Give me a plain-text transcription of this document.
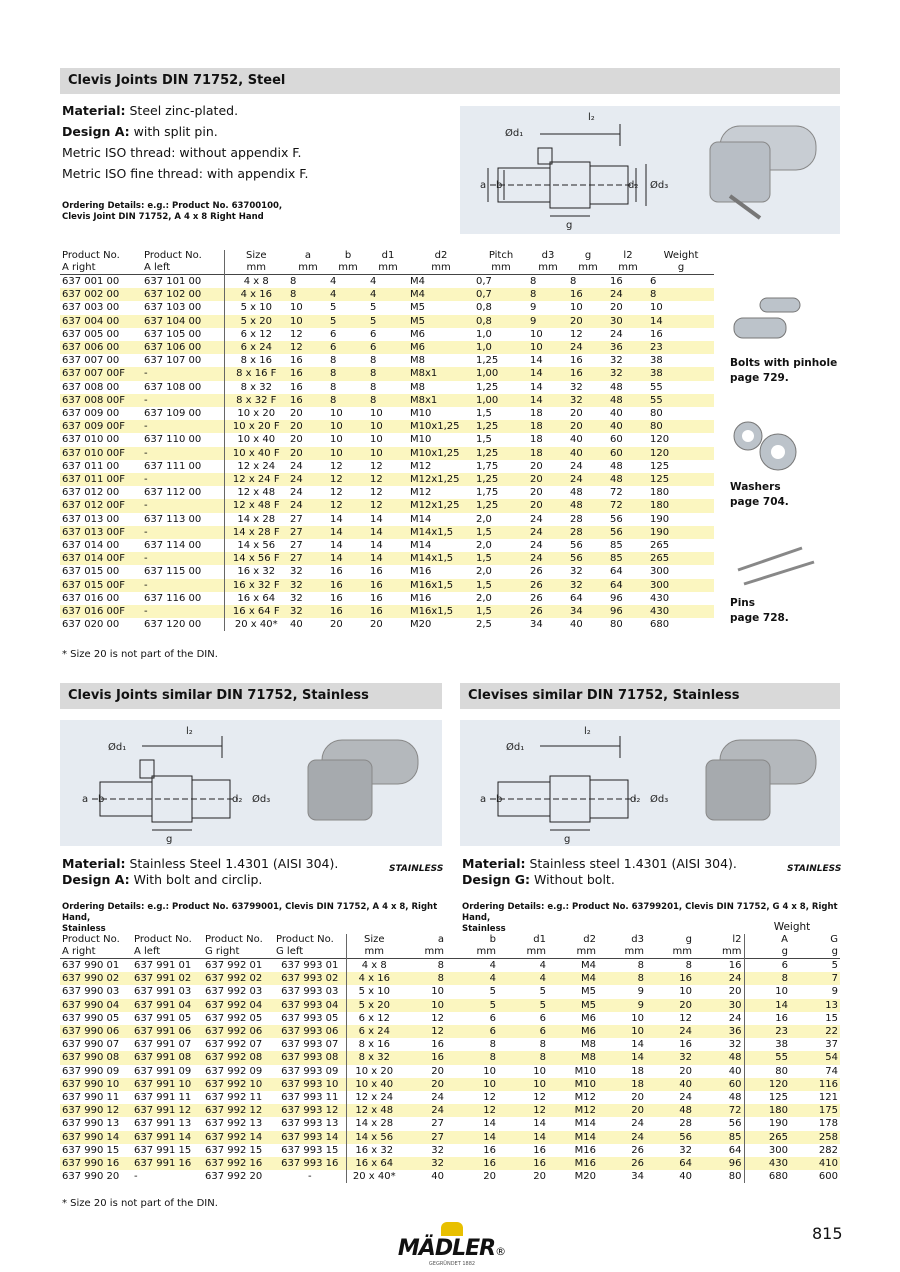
Clevis Joints DIN 71752, Steel
Material: Steel zinc-plated.
Design A: with split pin.
Metric ISO thread: without appendix F.
Metric ISO fine thread: with appendix F.
Ordering Details: e.g.: Product No. 63700100,
Clevis Joint DIN 71752, A 4 x 8 Right Hand
Ød₁
l₂
a b	d₂ Ød₃
g
Product No.	Product No.	Size	a	b	d1	d2	Pitch	d3	g	l2	Weight
A right	A left	mm	mm	mm	mm	mm	mm	mm	mm	mm	g
637 001 00	637 101 00	4 x 8	8	4	4	M4	0,7	8	8	16	6
637 002 00	637 102 00	4 x 16	8	4	4	M4	0,7	8	16	24	8
637 003 00	637 103 00	5 x 10	10	5	5	M5	0,8	9	10	20	10
637 004 00	637 104 00	5 x 20	10	5	5	M5	0,8	9	20	30	14
637 005 00	637 105 00	6 x 12	12	6	6	M6	1,0	10	12	24	16
637 006 00	637 106 00	6 x 24	12	6	6	M6	1,0	10	24	36	23
637 007 00	637 107 00	8 x 16	16	8	8	M8	1,25	14	16	32	38
637 007 00F	-	8 x 16 F	16	8	8	M8x1	1,00	14	16	32	38
637 008 00	637 108 00	8 x 32	16	8	8	M8	1,25	14	32	48	55
637 008 00F	-	8 x 32 F	16	8	8	M8x1	1,00	14	32	48	55
637 009 00	637 109 00	10 x 20	20	10	10	M10	1,5	18	20	40	80
637 009 00F	-	10 x 20 F	20	10	10	M10x1,25	1,25	18	20	40	80
637 010 00	637 110 00	10 x 40	20	10	10	M10	1,5	18	40	60	120
637 010 00F	-	10 x 40 F	20	10	10	M10x1,25	1,25	18	40	60	120
637 011 00	637 111 00	12 x 24	24	12	12	M12	1,75	20	24	48	125
637 011 00F	-	12 x 24 F	24	12	12	M12x1,25	1,25	20	24	48	125
637 012 00	637 112 00	12 x 48	24	12	12	M12	1,75	20	48	72	180
637 012 00F	-	12 x 48 F	24	12	12	M12x1,25	1,25	20	48	72	180
637 013 00	637 113 00	14 x 28	27	14	14	M14	2,0	24	28	56	190
637 013 00F	-	14 x 28 F	27	14	14	M14x1,5	1,5	24	28	56	190
637 014 00	637 114 00	14 x 56	27	14	14	M14	2,0	24	56	85	265
637 014 00F	-	14 x 56 F	27	14	14	M14x1,5	1,5	24	56	85	265
637 015 00	637 115 00	16 x 32	32	16	16	M16	2,0	26	32	64	300
637 015 00F	-	16 x 32 F	32	16	16	M16x1,5	1,5	26	32	64	300
637 016 00	637 116 00	16 x 64	32	16	16	M16	2,0	26	64	96	430
637 016 00F	-	16 x 64 F	32	16	16	M16x1,5	1,5	26	34	96	430
637 020 00	637 120 00	20 x 40*	40	20	20	M20	2,5	34	40	80	680
* Size 20 is not part of the DIN.
Bolts with pinhole
page 729.
Washers
page 704.
Pins
page 728.
Clevis Joints similar DIN 71752, Stainless	Clevises similar DIN 71752, Stainless
Ød₁
l₂
a b	d₂ Ød₃
g
Ød₁
l₂
a b	d₂ Ød₃
g
Material: Stainless Steel 1.4301 (AISI 304).
Design A: With bolt and circlip.
STAINLESS Material: Stainless steel 1.4301 (AISI 304).
Design G: Without bolt.
STAINLESS
Ordering Details: e.g.: Product No. 63799001, Clevis DIN 71752, A 4 x 8, Right Hand,
Stainless
Ordering Details: e.g.: Product No. 63799201, Clevis DIN 71752, G 4 x 8, Right Hand,
Stainless	Weight
Product No.	Product No.	Product No.	Product No.	Size	a	b	d1	d2	d3	g	l2	A	G
A right	A left	G right	G left	mm	mm	mm	mm	mm	mm	mm	mm	g	g
637 990 01	637 991 01	637 992 01	637 993 01	4 x 8	8	4	4	M4	8	8	16	6	5
637 990 02	637 991 02	637 992 02	637 993 02	4 x 16	8	4	4	M4	8	16	24	8	7
637 990 03	637 991 03	637 992 03	637 993 03	5 x 10	10	5	5	M5	9	10	20	10	9
637 990 04	637 991 04	637 992 04	637 993 04	5 x 20	10	5	5	M5	9	20	30	14	13
637 990 05	637 991 05	637 992 05	637 993 05	6 x 12	12	6	6	M6	10	12	24	16	15
637 990 06	637 991 06	637 992 06	637 993 06	6 x 24	12	6	6	M6	10	24	36	23	22
637 990 07	637 991 07	637 992 07	637 993 07	8 x 16	16	8	8	M8	14	16	32	38	37
637 990 08	637 991 08	637 992 08	637 993 08	8 x 32	16	8	8	M8	14	32	48	55	54
637 990 09	637 991 09	637 992 09	637 993 09	10 x 20	20	10	10	M10	18	20	40	80	74
637 990 10	637 991 10	637 992 10	637 993 10	10 x 40	20	10	10	M10	18	40	60	120	116
637 990 11	637 991 11	637 992 11	637 993 11	12 x 24	24	12	12	M12	20	24	48	125	121
637 990 12	637 991 12	637 992 12	637 993 12	12 x 48	24	12	12	M12	20	48	72	180	175
637 990 13	637 991 13	637 992 13	637 993 13	14 x 28	27	14	14	M14	24	28	56	190	178
637 990 14	637 991 14	637 992 14	637 993 14	14 x 56	27	14	14	M14	24	56	85	265	258
637 990 15	637 991 15	637 992 15	637 993 15	16 x 32	32	16	16	M16	26	32	64	300	282
637 990 16	637 991 16	637 992 16	637 993 16	16 x 64	32	16	16	M16	26	64	96	430	410
637 990 20	-	637 992 20	-	20 x 40*	40	20	20	M20	34	40	80	680	600
* Size 20 is not part of the DIN.
MÄDLER®
GEGRÜNDET 1882
815
